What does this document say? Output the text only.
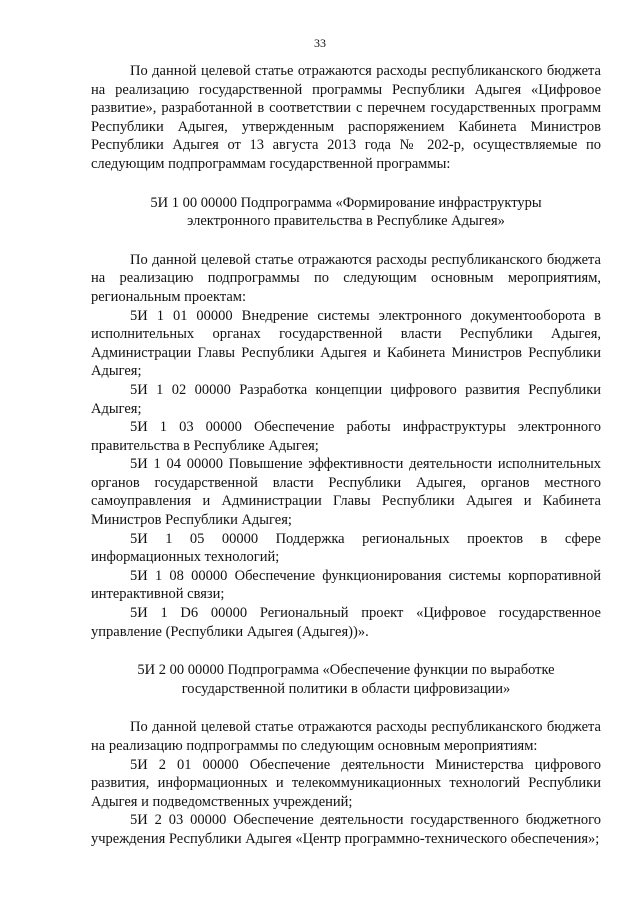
33

По данной целевой статье отражаются расходы республиканского бюджета на реализацию государственной программы Республики Адыгея «Цифровое развитие», разработанной в соответствии с перечнем государственных программ Республики Адыгея, утвержденным распоряжением Кабинета Министров Республики Адыгея от 13 августа 2013 года № 202-р, осуществляемые по следующим подпрограммам государственной программы:

5И 1 00 00000 Подпрограмма «Формирование инфраструктуры
электронного правительства в Республике Адыгея»

По данной целевой статье отражаются расходы республиканского бюджета на реализацию подпрограммы по следующим основным мероприятиям, региональным проектам:

5И 1 01 00000 Внедрение системы электронного документооборота в исполнительных органах государственной власти Республики Адыгея, Администрации Главы Республики Адыгея и Кабинета Министров Республики Адыгея;

5И 1 02 00000 Разработка концепции цифрового развития Республики Адыгея;

5И 1 03 00000 Обеспечение работы инфраструктуры электронного правительства в Республике Адыгея;

5И 1 04 00000 Повышение эффективности деятельности исполнительных органов государственной власти Республики Адыгея, органов местного самоуправления и Администрации Главы Республики Адыгея и Кабинета Министров Республики Адыгея;

5И 1 05 00000 Поддержка региональных проектов в сфере информационных технологий;

5И 1 08 00000 Обеспечение функционирования системы корпоративной интерактивной связи;

5И 1 D6 00000 Региональный проект «Цифровое государственное управление (Республики Адыгея (Адыгея))».

5И 2 00 00000 Подпрограмма «Обеспечение функции по выработке
государственной политики в области цифровизации»

По данной целевой статье отражаются расходы республиканского бюджета на реализацию подпрограммы по следующим основным мероприятиям:

5И 2 01 00000 Обеспечение деятельности Министерства цифрового развития, информационных и телекоммуникационных технологий Республики Адыгея и подведомственных учреждений;

5И 2 03 00000 Обеспечение деятельности государственного бюджетного учреждения Республики Адыгея «Центр программно-технического обеспечения»;
